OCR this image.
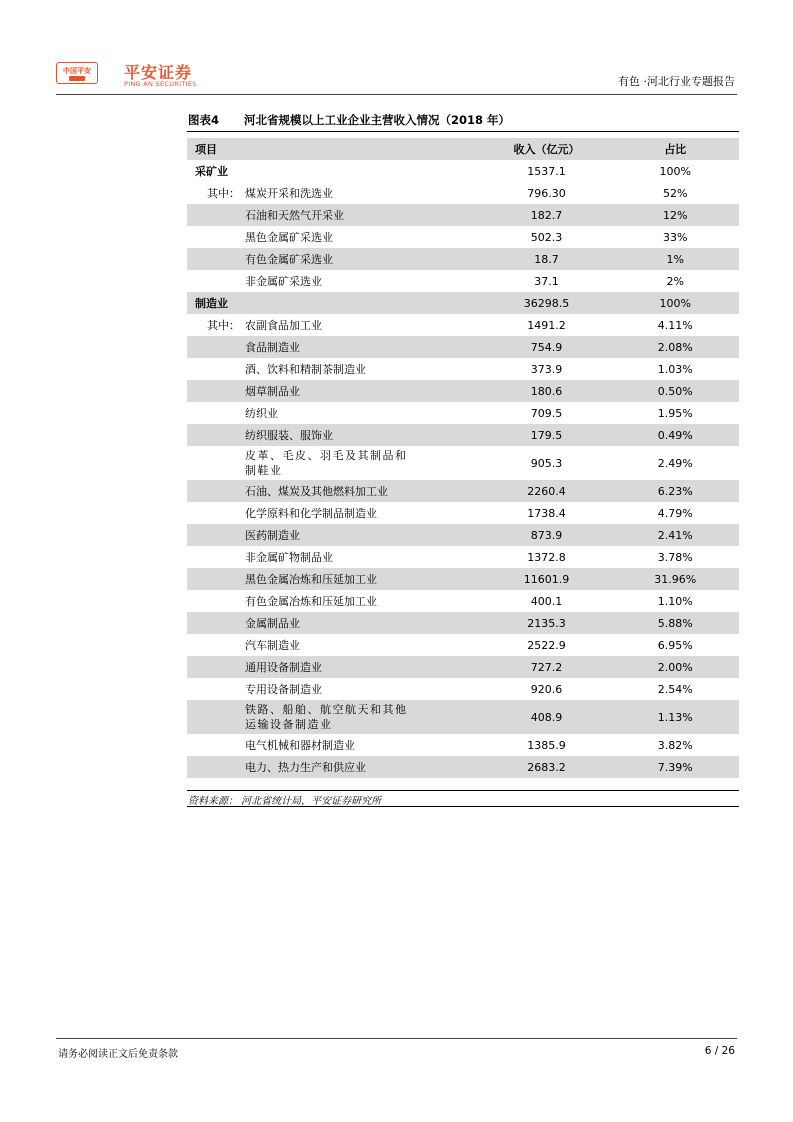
中国平安	平安证券
PING AN SECURITIES	有色 ·河北行业专题报告
图表4 河北省规模以上工业企业主营收入情况（2018 年）
项目	收入（亿元）	占比
采矿业	1537.1	100%
其中： 煤炭开采和洗选业	796.30	52%
石油和天然气开采业	182.7	12%
黑色金属矿采选业	502.3	33%
有色金属矿采选业	18.7	1%
非金属矿采选业	37.1	2%
制造业	36298.5	100%
其中： 农副食品加工业	1491.2	4.11%
食品制造业	754.9	2.08%
酒、饮料和精制茶制造业	373.9	1.03%
烟草制品业	180.6	0.50%
纺织业	709.5	1.95%
纺织服装、服饰业	179.5	0.49%
皮革、毛皮、羽毛及其制品和制鞋业	905.3	2.49%
石油、煤炭及其他燃料加工业	2260.4	6.23%
化学原料和化学制品制造业	1738.4	4.79%
医药制造业	873.9	2.41%
非金属矿物制品业	1372.8	3.78%
黑色金属冶炼和压延加工业	11601.9	31.96%
有色金属冶炼和压延加工业	400.1	1.10%
金属制品业	2135.3	5.88%
汽车制造业	2522.9	6.95%
通用设备制造业	727.2	2.00%
专用设备制造业	920.6	2.54%
铁路、船舶、航空航天和其他运输设备制造业	408.9	1.13%
电气机械和器材制造业	1385.9	3.82%
电力、热力生产和供应业	2683.2	7.39%
资料来源： 河北省统计局，平安证券研究所
请务必阅读正文后免责条款	6 / 26
